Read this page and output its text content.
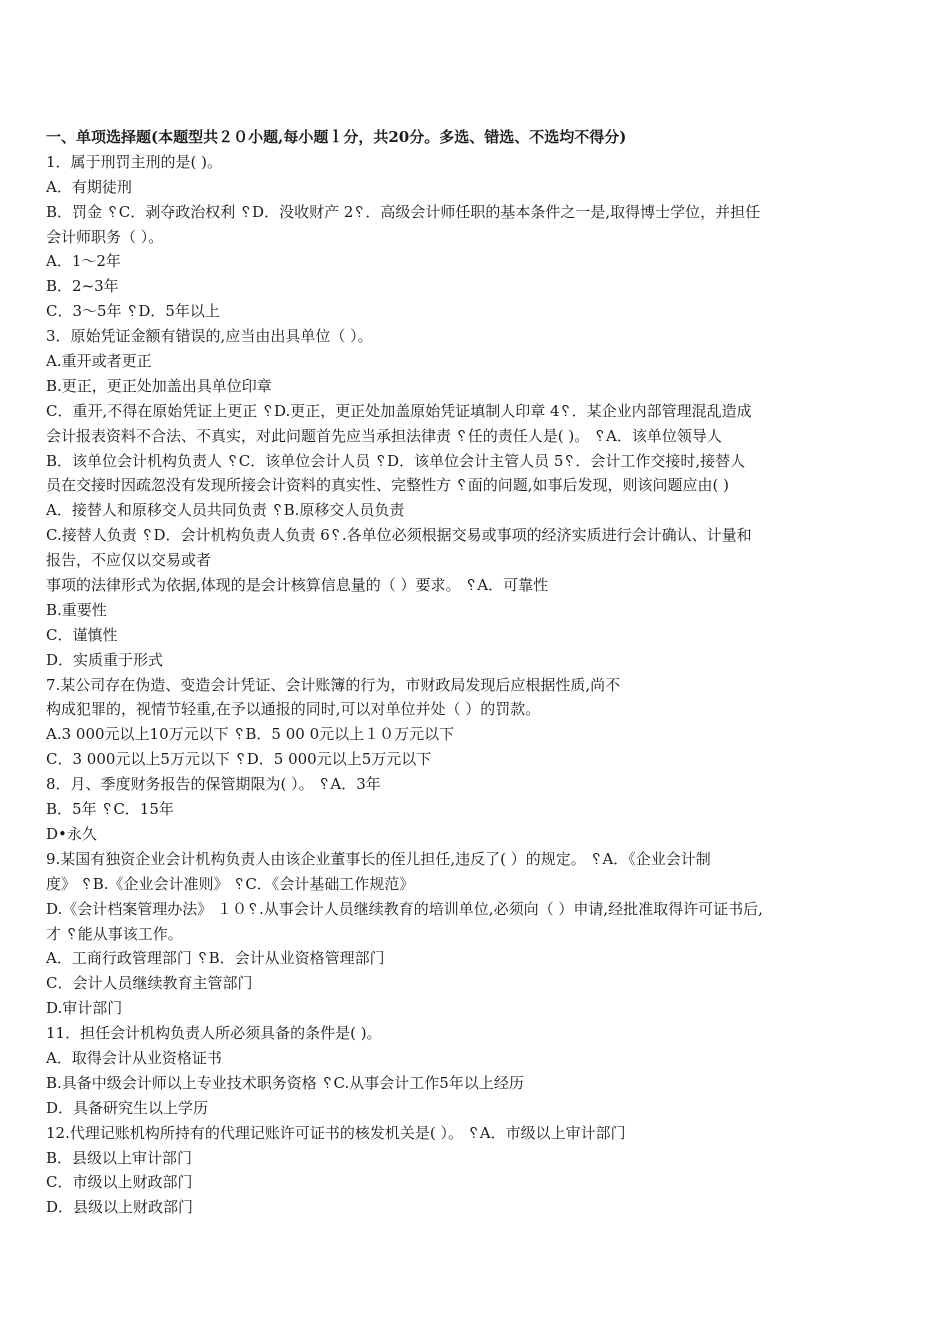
一、单项选择题(本题型共２０小题,每小题ｌ分，共20分。多选、错选、不选均不得分)
1．属于刑罚主刑的是( )。
A．有期徒刑
B．罚金 ␦C．剥夺政治权利 ␦D．没收财产 2␦．高级会计师任职的基本条件之一是,取得博士学位，并担任
会计师职务（ ）。
A．1～2年
B．2~3年
C．3～5年 ␦D．5年以上
3．原始凭证金额有错误的,应当由出具单位（ ）。
A.重开或者更正
B.更正，更正处加盖出具单位印章
C．重开,不得在原始凭证上更正 ␦D.更正，更正处加盖原始凭证填制人印章 4␦．某企业内部管理混乱造成
会计报表资料不合法、不真实，对此问题首先应当承担法律责 ␦任的责任人是( )。 ␦A．该单位领导人
B．该单位会计机构负责人 ␦C．该单位会计人员 ␦D．该单位会计主管人员 5␦．会计工作交接时,接替人
员在交接时因疏忽没有发现所接会计资料的真实性、完整性方 ␦面的问题,如事后发现，则该问题应由( )
A．接替人和原移交人员共同负责 ␦B.原移交人员负责
C.接替人负责 ␦D．会计机构负责人负责 6␦.各单位必须根据交易或事项的经济实质进行会计确认、计量和
报告，不应仅以交易或者
事项的法律形式为依据,体现的是会计核算信息量的（ ）要求。 ␦A．可靠性
B.重要性
C．谨慎性
D．实质重于形式
7.某公司存在伪造、变造会计凭证、会计账簿的行为，市财政局发现后应根据性质,尚不
构成犯罪的，视情节轻重,在予以通报的同时,可以对单位并处（ ）的罚款。
A.3 000元以上10万元以下 ␦B．5 00 0元以上１０万元以下
C．3 000元以上5万元以下 ␦D．5 000元以上5万元以下
8．月、季度财务报告的保管期限为( ）。 ␦A．3年
B．5年 ␦C．15年
D•永久
9.某国有独资企业会计机构负责人由该企业董事长的侄儿担任,违反了( ）的规定。 ␦A．《企业会计制
度》 ␦B.《企业会计准则》 ␦C．《会计基础工作规范》
D.《会计档案管理办法》 １０␦.从事会计人员继续教育的培训单位,必须向（ ）申请,经批准取得许可证书后,
才 ␦能从事该工作。
A．工商行政管理部门 ␦B．会计从业资格管理部门
C．会计人员继续教育主管部门
D.审计部门
11．担任会计机构负责人所必须具备的条件是( )。
A．取得会计从业资格证书
B.具备中级会计师以上专业技术职务资格 ␦C.从事会计工作5年以上经历
D．具备研究生以上学历
12.代理记账机构所持有的代理记账许可证书的核发机关是( ）。 ␦A．市级以上审计部门
B．县级以上审计部门
C．市级以上财政部门
D．县级以上财政部门
